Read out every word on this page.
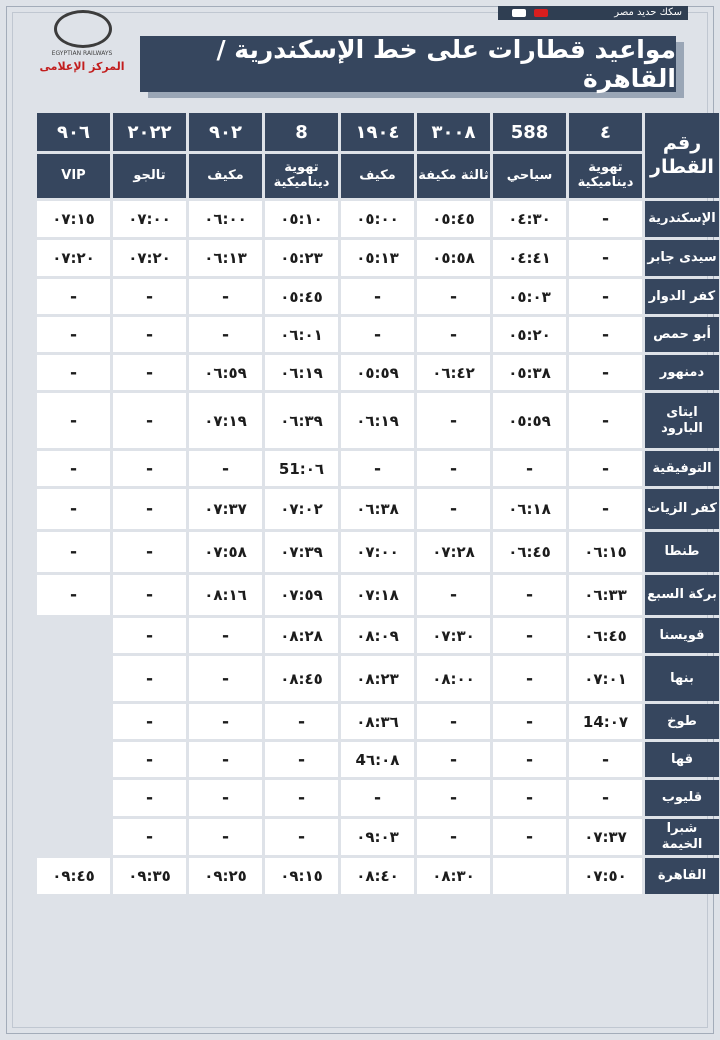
سكك حديد مصر
EGYPTIAN RAILWAYS
المركز الإعلامى
مواعيد قطارات على خط الإسكندرية / القاهرة
رقم القطار	٤	588	٣٠٠٨	١٩٠٤	8	٩٠٢	٢٠٢٢	٩٠٦
	تهوية ديناميكية	سياحي	ثالثة مكيفة	مكيف	تهوية ديناميكية	مكيف	تالجو	VIP
الإسكندرية	-	٠٤:٣٠	٠٥:٤٥	٠٥:٠٠	٠٥:١٠	٠٦:٠٠	٠٧:٠٠	٠٧:١٥
سيدى جابر	-	٠٤:٤١	٠٥:٥٨	٠٥:١٣	٠٥:٢٣	٠٦:١٣	٠٧:٢٠	٠٧:٢٠
كفر الدوار	-	٠٥:٠٣	-	-	٠٥:٤٥	-	-	-
أبو حمص	-	٠٥:٢٠	-	-	٠٦:٠١	-	-	-
دمنهور	-	٠٥:٣٨	٠٦:٤٢	٠٥:٥٩	٠٦:١٩	٠٦:٥٩	-	-
ايتاى البارود	-	٠٥:٥٩	-	٠٦:١٩	٠٦:٣٩	٠٧:١٩	-	-
التوفيقية	-	-	-	-	٠٦:51	-	-	-
كفر الزيات	-	٠٦:١٨	-	٠٦:٣٨	٠٧:٠٢	٠٧:٣٧	-	-
طنطا	٠٦:١٥	٠٦:٤٥	٠٧:٢٨	٠٧:٠٠	٠٧:٣٩	٠٧:٥٨	-	-
بركة السبع	٠٦:٣٣	-	-	٠٧:١٨	٠٧:٥٩	٠٨:١٦	-	-
قويسنا	٠٦:٤٥	-	٠٧:٣٠	٠٨:٠٩	٠٨:٢٨	-	-	
بنها	٠٧:٠١	-	٠٨:٠٠	٠٨:٢٣	٠٨:٤٥	-	-	
طوخ	٠٧:14	-	-	٠٨:٣٦	-	-	-	
قها	-	-	-	٠٨:4٦	-	-	-	
قليوب	-	-	-	-	-	-	-	
شبرا الخيمة	٠٧:٣٧	-	-	٠٩:٠٣	-	-	-	
القاهرة	٠٧:٥٠		٠٨:٣٠	٠٨:٤٠	٠٩:١٥	٠٩:٢٥	٠٩:٣٥	٠٩:٤٥
